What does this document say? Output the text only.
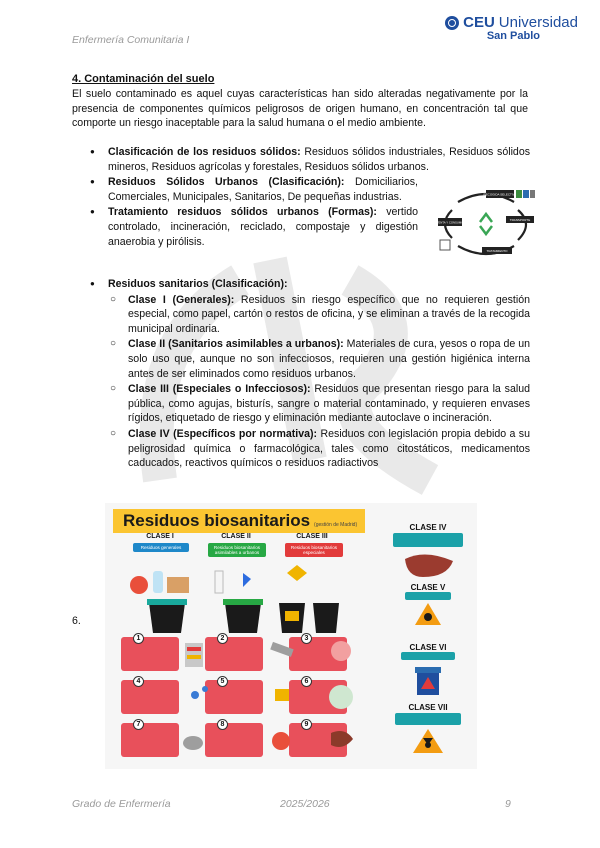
Enfermería Comunitaria I
CEU Universidad
San Pablo
4. Contaminación del suelo
El suelo contaminado es aquel cuyas características han sido alteradas negativamente por la presencia de componentes químicos peligrosos de origen humano, en concentración tal que comporte un riesgo inaceptable para la salud humana o el medio ambiente.
● Clasificación de los residuos sólidos: Residuos sólidos industriales, Residuos sólidos mineros, Residuos agrícolas y forestales, Residuos sólidos urbanos.
● Residuos Sólidos Urbanos (Clasificación): Domiciliarios, Comerciales, Municipales, Sanitarios, De pequeñas industrias.
● Tratamiento residuos sólidos urbanos (Formas): vertido controlado, incineración, reciclado, compostaje y digestión anaerobia y pirólisis.
RECOGIDA SELECTIVA
TRANSPORTE
TRATAMIENTO
VENTA Y CONSUMO
● Residuos sanitarios (Clasificación):
○ Clase I (Generales): Residuos sin riesgo específico que no requieren gestión especial, como papel, cartón o restos de oficina, y se eliminan a través de la recogida municipal ordinaria.
○ Clase II (Sanitarios asimilables a urbanos): Materiales de cura, yesos o ropa de un solo uso que, aunque no son infecciosos, requieren una gestión higiénica interna antes de ser eliminados como residuos urbanos.
○ Clase III (Especiales o Infecciosos): Residuos que presentan riesgo para la salud pública, como agujas, bisturís, sangre o material contaminado, y requieren envases rígidos, etiquetado de riesgo y eliminación mediante autoclave o incineración.
○ Clase IV (Específicos por normativa): Residuos con legislación propia debido a su peligrosidad química o farmacológica, tales como citostáticos, medicamentos caducados, reactivos químicos o residuos radiactivos
6.
Residuos biosanitarios (gestión de Madrid)
CLASE I	CLASE II	CLASE III
Residuos generales	Residuos biosanitarios asimilables a urbanos
Residuos biosanitarios especiales
1	2	3
4	5	6
7	8	9
CLASE IV
CLASE V
CLASE VI
CLASE VII
Grado de Enfermería	2025/2026	9
